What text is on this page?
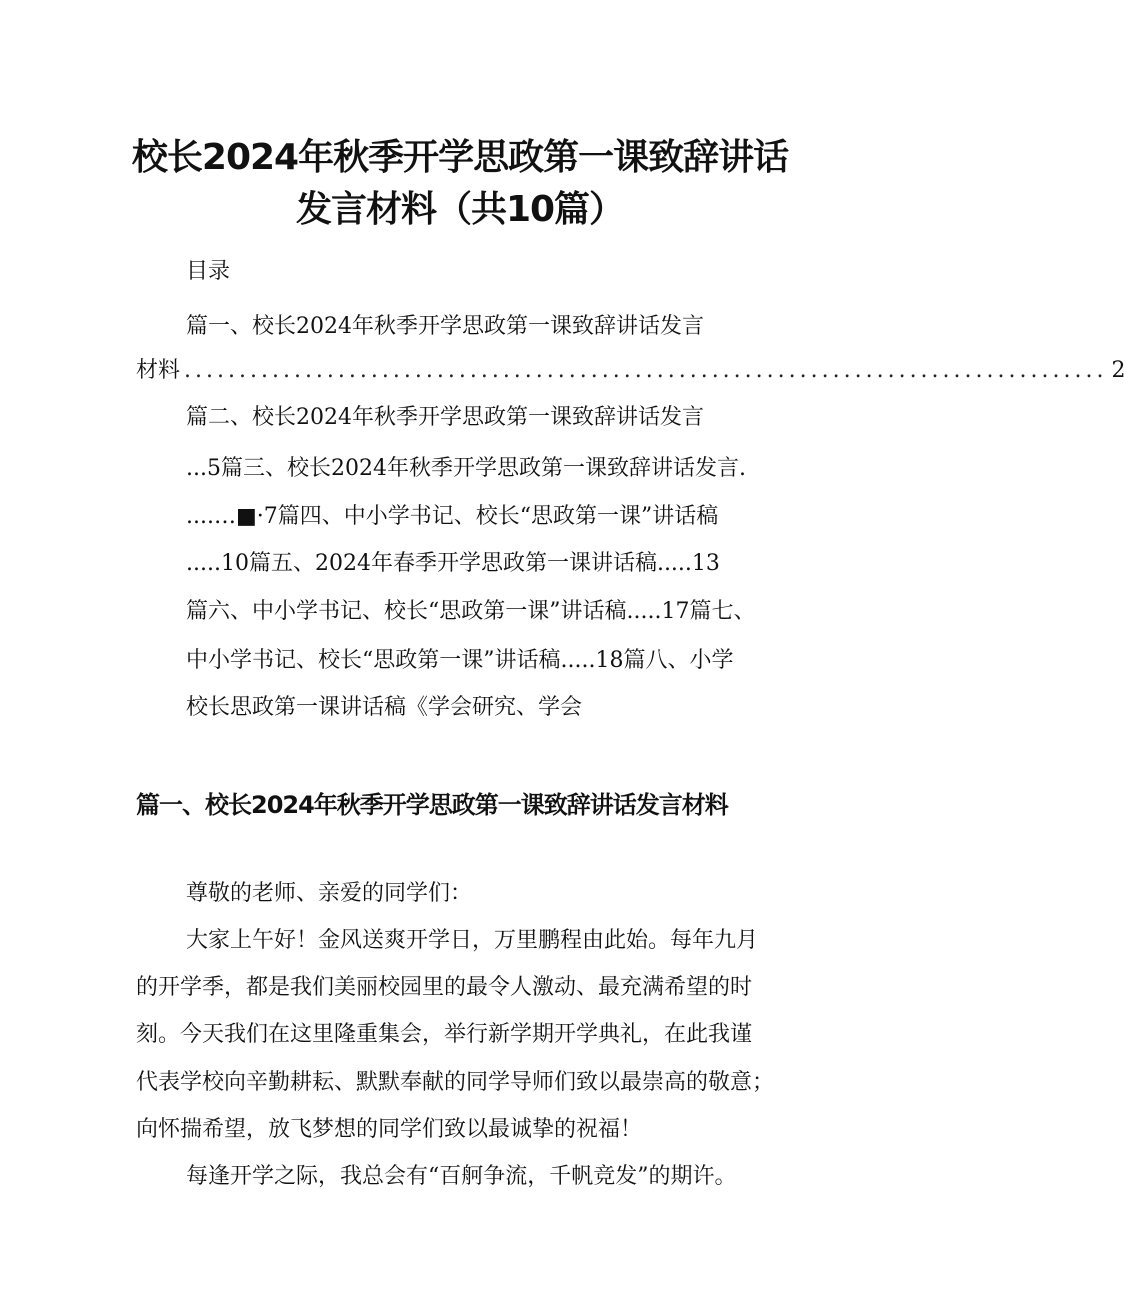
校长2024年秋季开学思政第一课致辞讲话
发言材料（共10篇）

目录

篇一、校长2024年秋季开学思政第一课致辞讲话发言

材料 .................................................................................... 2

篇二、校长2024年秋季开学思政第一课致辞讲话发言

...5篇三、校长2024年秋季开学思政第一课致辞讲话发言.

....…■·7篇四、中小学书记、校长“思政第一课”讲话稿

.....10篇五、2024年春季开学思政第一课讲话稿.....13

篇六、中小学书记、校长“思政第一课”讲话稿.....17篇七、

中小学书记、校长“思政第一课”讲话稿.....18篇八、小学

校长思政第一课讲话稿《学会研究、学会

篇一、校长2024年秋季开学思政第一课致辞讲话发言材料

尊敬的老师、亲爱的同学们：

大家上午好！金风送爽开学日，万里鹏程由此始。每年九月

的开学季，都是我们美丽校园里的最令人激动、最充满希望的时

刻。今天我们在这里隆重集会，举行新学期开学典礼，在此我谨

代表学校向辛勤耕耘、默默奉献的同学导师们致以最崇高的敬意；

向怀揣希望，放飞梦想的同学们致以最诚挚的祝福！

每逢开学之际，我总会有“百舸争流，千帆竞发”的期许。
